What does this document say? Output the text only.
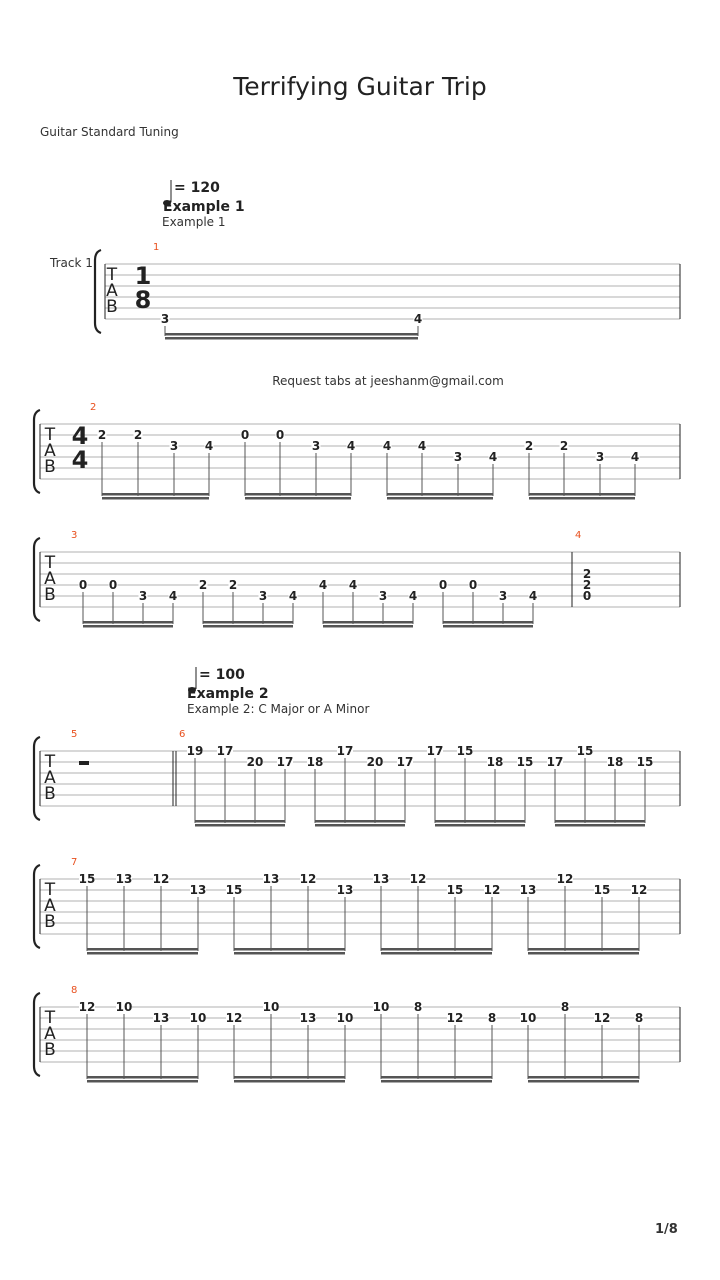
Terrifying Guitar Trip
Guitar Standard Tuning
= 120
Example 1
Example 1
Track 1
Request tabs at jeeshanm@gmail.com
= 100
Example 2
Example 2: C Major or A Minor
1/8
T
A
B
1
8
1
3	4
T
A
B
4
4
2
2 2
3 4
0 0
3 4 4 4
3 4
2 2
3 4
T
A
B
3	4
0 0
3 4
2 2
3 4
4 4
3 4
0 0
3 4
2
2
0
T
A
B
5	6
19 17
20 17 18
17
20 17
17 15
18 15 17
15
18 15
T
A
B
7
15 13 12
13 15
13 12
13
13 12
15 12 13
12
15 12
T
A
B
8
12 10
13 10 12
10
13 10
10 8
12 8 10
8
12 8
